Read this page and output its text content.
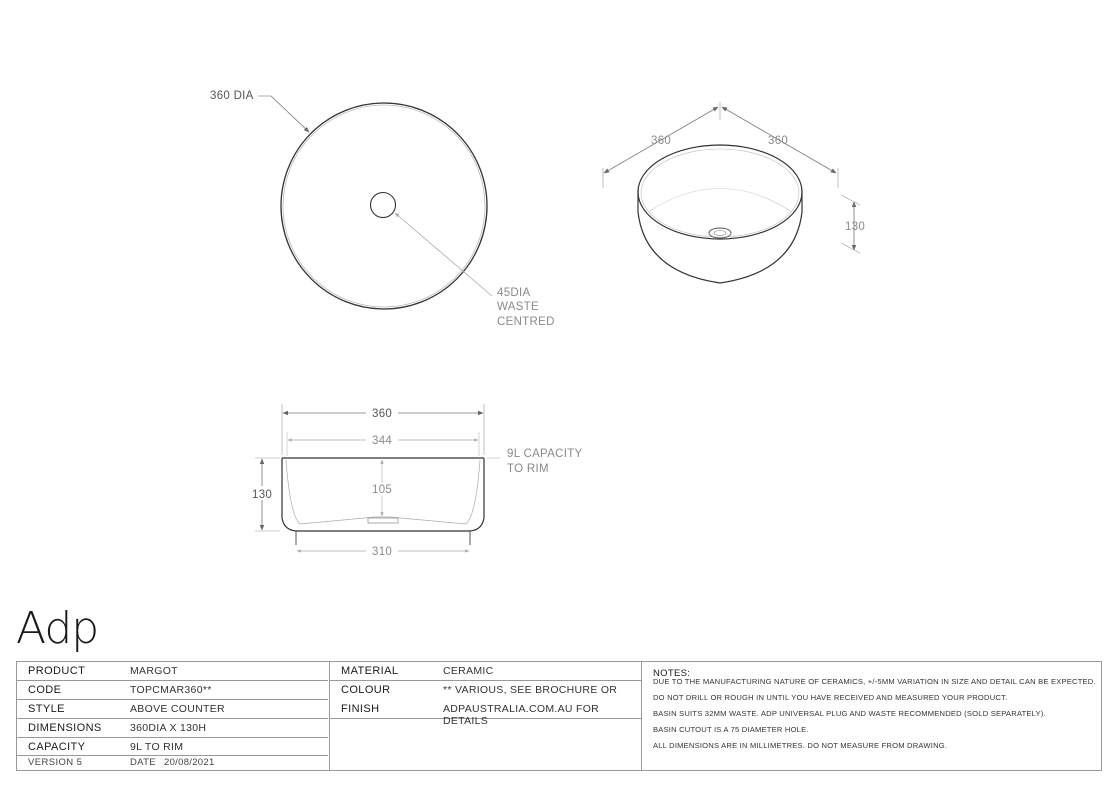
360 DIA
45DIA WASTE CENTRED
360	360
130
360
344
310
130	105
9L CAPACITY TO RIM
Adp
PRODUCT	MARGOT
CODE	TOPCMAR360**
STYLE	ABOVE COUNTER
DIMENSIONS	360DIA X 130H
CAPACITY	9L TO RIM
VERSION 5	DATE 20/08/2021
MATERIAL	CERAMIC
COLOUR	** VARIOUS, SEE BROCHURE OR
FINISH	ADPAUSTRALIA.COM.AU FOR DETAILS
NOTES:
DUE TO THE MANUFACTURING NATURE OF CERAMICS, +/-5MM VARIATION IN SIZE AND DETAIL CAN BE EXPECTED.
DO NOT DRILL OR ROUGH IN UNTIL YOU HAVE RECEIVED AND MEASURED YOUR PRODUCT.
BASIN SUITS 32MM WASTE. ADP UNIVERSAL PLUG AND WASTE RECOMMENDED (SOLD SEPARATELY).
BASIN CUTOUT IS A 75 DIAMETER HOLE.
ALL DIMENSIONS ARE IN MILLIMETRES. DO NOT MEASURE FROM DRAWING.
